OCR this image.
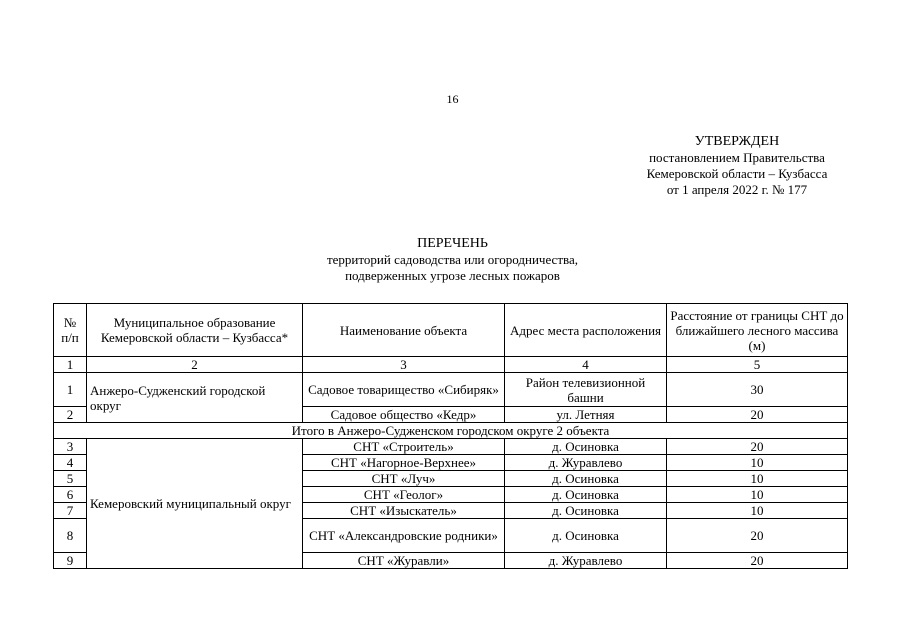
16
УТВЕРЖДЕН
постановлением Правительства
Кемеровской области – Кузбасса
от 1 апреля 2022 г. № 177
ПЕРЕЧЕНЬ
территорий садоводства или огородничества,
подверженных угрозе лесных пожаров
№ п/п	Муниципальное образование Кемеровской области – Кузбасса*	Наименование объекта	Адрес места расположения	Расстояние от границы СНТ до ближайшего лесного массива (м)
1	2	3	4	5
1	Анжеро-Судженский городской округ	Садовое товарищество «Сибиряк»	Район телевизионной башни	30
2		Садовое общество «Кедр»	ул. Летняя	20
Итого в Анжеро-Судженском городском округе 2 объекта				
3	Кемеровский муниципальный округ	СНТ «Строитель»	д. Осиновка	20
4		СНТ «Нагорное-Верхнее»	д. Журавлево	10
5		СНТ «Луч»	д. Осиновка	10
6		СНТ «Геолог»	д. Осиновка	10
7		СНТ «Изыскатель»	д. Осиновка	10
8		СНТ «Александровские родники»	д. Осиновка	20
9		СНТ «Журавли»	д. Журавлево	20
